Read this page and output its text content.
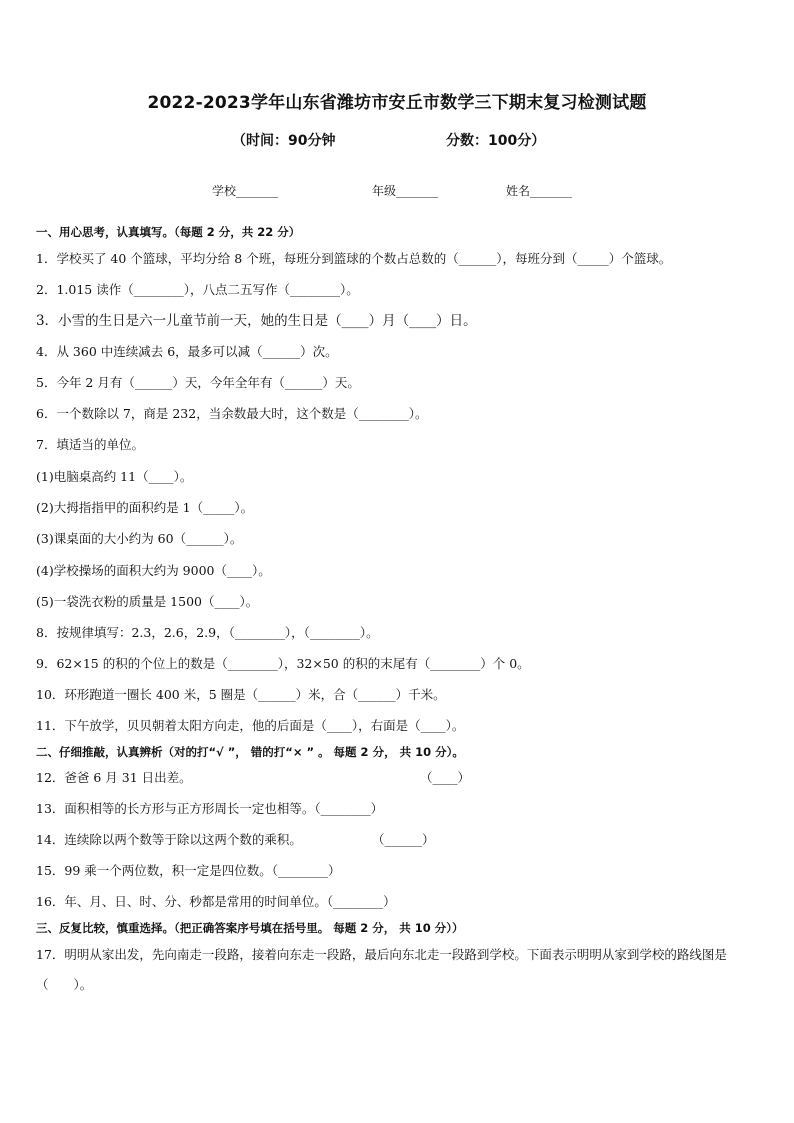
2022-2023学年山东省潍坊市安丘市数学三下期末复习检测试题
（时间：90分钟	分数：100分）
学校_______	年级_______	姓名_______
一、用心思考，认真填写。（每题 2 分，共 22 分）
1．学校买了 40 个篮球，平均分给 8 个班，每班分到篮球的个数占总数的（______），每班分到（_____）个篮球。
2．1.015 读作（________），八点二五写作（________）。
3．小雪的生日是六一儿童节前一天，她的生日是（____）月（____）日。
4．从 360 中连续减去 6，最多可以减（______）次。
5．今年 2 月有（______）天，今年全年有（______）天。
6．一个数除以 7，商是 232，当余数最大时，这个数是（________）。
7．填适当的单位。
(1)电脑桌高约 11（____）。
(2)大拇指指甲的面积约是 1（_____）。
(3)课桌面的大小约为 60（______）。
(4)学校操场的面积大约为 9000（____）。
(5)一袋洗衣粉的质量是 1500（____）。
8．按规律填写：2.3，2.6，2.9，（________），（________）。
9．62×15 的积的个位上的数是（________），32×50 的积的末尾有（________）个 0。
10．环形跑道一圈长 400 米，5 圈是（______）米，合（______）千米。
11．下午放学，贝贝朝着太阳方向走，他的后面是（____），右面是（____）。
二、仔细推敲，认真辨析（对的打“√ ”， 错的打“× ” 。 每题 2 分， 共 10 分）。
12．爸爸 6 月 31 日出差。	（____）
13．面积相等的长方形与正方形周长一定也相等。（________）
14．连续除以两个数等于除以这两个数的乘积。	（______）
15．99 乘一个两位数，积一定是四位数。（________）
16．年、月、日、时、分、秒都是常用的时间单位。（________）
三、反复比较，慎重选择。（把正确答案序号填在括号里。 每题 2 分， 共 10 分））
17．明明从家出发，先向南走一段路，接着向东走一段路，最后向东北走一段路到学校。下面表示明明从家到学校的路线图是（　　）。
